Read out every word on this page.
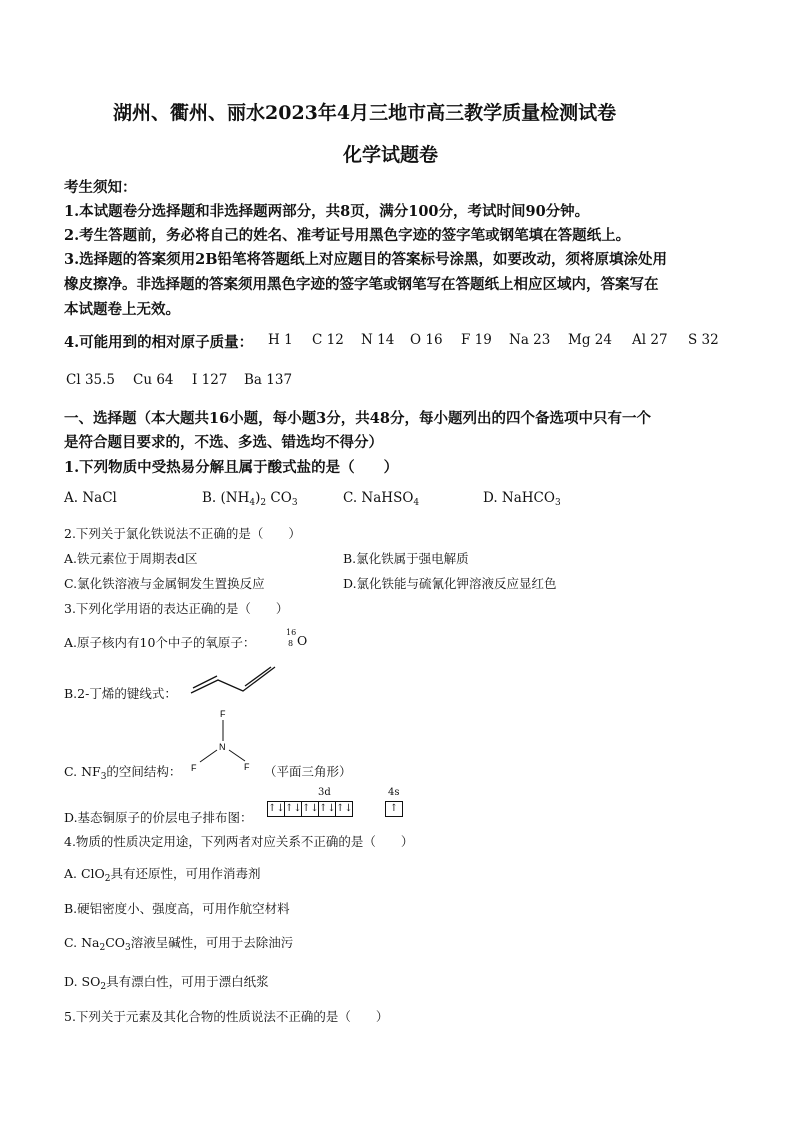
湖州、衢州、丽水2023年4月三地市高三教学质量检测试卷
化学试题卷
考生须知：
1.本试题卷分选择题和非选择题两部分，共8页，满分100分，考试时间90分钟。
2.考生答题前，务必将自己的姓名、准考证号用黑色字迹的签字笔或钢笔填在答题纸上。
3.选择题的答案须用2B铅笔将答题纸上对应题目的答案标号涂黑，如要改动，须将原填涂处用
橡皮擦净。非选择题的答案须用黑色字迹的签字笔或钢笔写在答题纸上相应区域内，答案写在
本试题卷上无效。
4.可能用到的相对原子质量： H 1 C 12 N 14 O 16 F 19 Na 23 Mg 24 Al 27 S 32
Cl 35.5 Cu 64 I 127 Ba 137
一、选择题（本大题共16小题，每小题3分，共48分，每小题列出的四个备选项中只有一个
是符合题目要求的，不选、多选、错选均不得分）
1.下列物质中受热易分解且属于酸式盐的是（　　）
A. NaCl	B. $(NH_4)_2$ $CO_3$	C. NaHSO$_4$	D. NaHCO$_3$
2.下列关于氯化铁说法不正确的是（　　）
A.铁元素位于周期表d区	B.氯化铁属于强电解质
C.氯化铁溶液与金属铜发生置换反应	D.氯化铁能与硫氰化钾溶液反应显红色
3.下列化学用语的表达正确的是（　　）
A.原子核内有10个中子的氧原子：
16
8 O
B.2-丁烯的键线式：
C. $NF_3$的空间结构：
F
N
F	F （平面三角形）
3d	4s
D.基态铜原子的价层电子排布图：
↑↓ ↑↓ ↑↓ ↑↓ ↑↓	↑
4.物质的性质决定用途，下列两者对应关系不正确的是（　　）
A. ClO$_2$具有还原性，可用作消毒剂
B.硬铝密度小、强度高，可用作航空材料
C. $Na_2CO_3$溶液呈碱性，可用于去除油污
D. $SO_2$具有漂白性，可用于漂白纸浆
5.下列关于元素及其化合物的性质说法不正确的是（　　）
